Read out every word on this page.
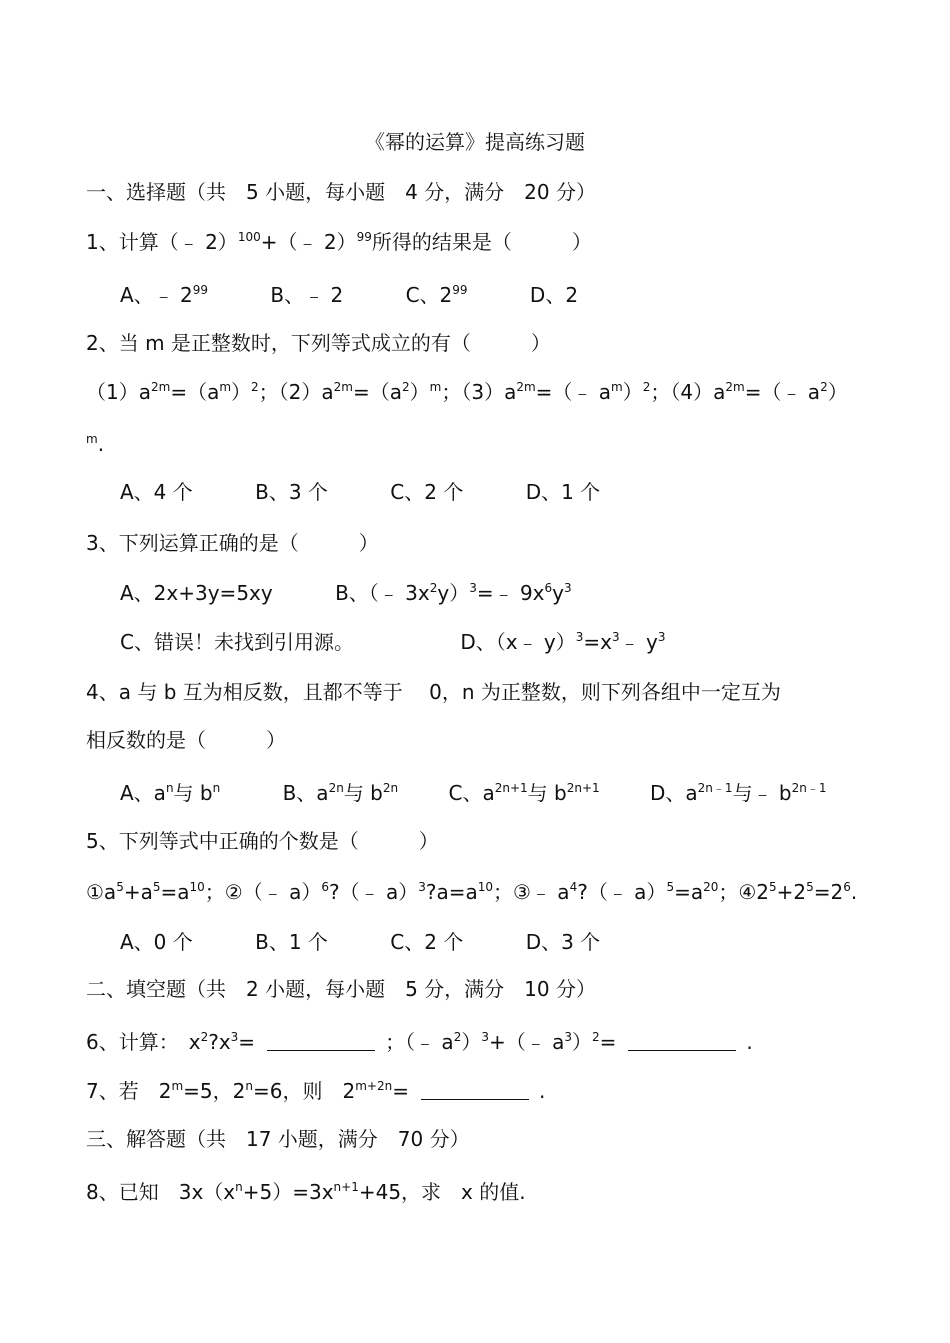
《幂的运算》提高练习题
一、选择题（共　5 小题，每小题　4 分，满分　20 分）
1、计算（﹣ 2）$^{100}$+（﹣ 2）$^{99}$所得的结果是（　　　）
A、﹣ $2^{99}$	B、﹣ 2	C、$2^{99}$	D、2
2、当 m 是正整数时，下列等式成立的有（　　　）
$(1)a^{2m}=(a^m)^2$；$(2)a^{2m}=(a^2)^m$；$(3)a^{2m}=(﹣$ $a^m)^2$；$(4)a^{2m}=(﹣$ $a^2$）
$^m$.
A、4 个	B、3 个	C、2 个	D、1 个
3、下列运算正确的是（　　　）
A、2x+3y=5xy	B、（﹣ $3x^2y)^3=﹣$ $9x^6y^3$
C、错误！未找到引用源。	D、（x﹣ $y)^3=x^3﹣$ $y^3$
4、a 与 b 互为相反数，且都不等于　 0，n 为正整数，则下列各组中一定互为
相反数的是（　　　）
A、$a^n$与 $b^n$	B、$a^{2n}$与 $b^{2n}$	C、$a^{2n+1}$与 $b^{2n+1}$	D、$a^{2n﹣1}$与﹣ $b^{2n﹣1}$
5、下列等式中正确的个数是（　　　）
$①a^5+a^5=a^{10}$；②（﹣ a）$^6$?（﹣ $a)^3?a=a^{10}$；③﹣ $a^4?(﹣$ $a)^5=a^{20}$；$④2^5+2^5=2^6$.
A、0 个	B、1 个	C、2 个	D、3 个
二、填空题（共　2 小题，每小题　5 分，满分　10 分）
6、计算：　$x^2?x^3=$	；（﹣ $a^2)^3+(﹣$ $a^3)^2=$	.
7、若　$2^m=5$，$2^n=6$，则　$2^{m+2n}=$	.
三、解答题（共　17 小题，满分　70 分）
8、已知　$3x(x^n+5)=3x^{n+1}+45$，求　x 的值.
